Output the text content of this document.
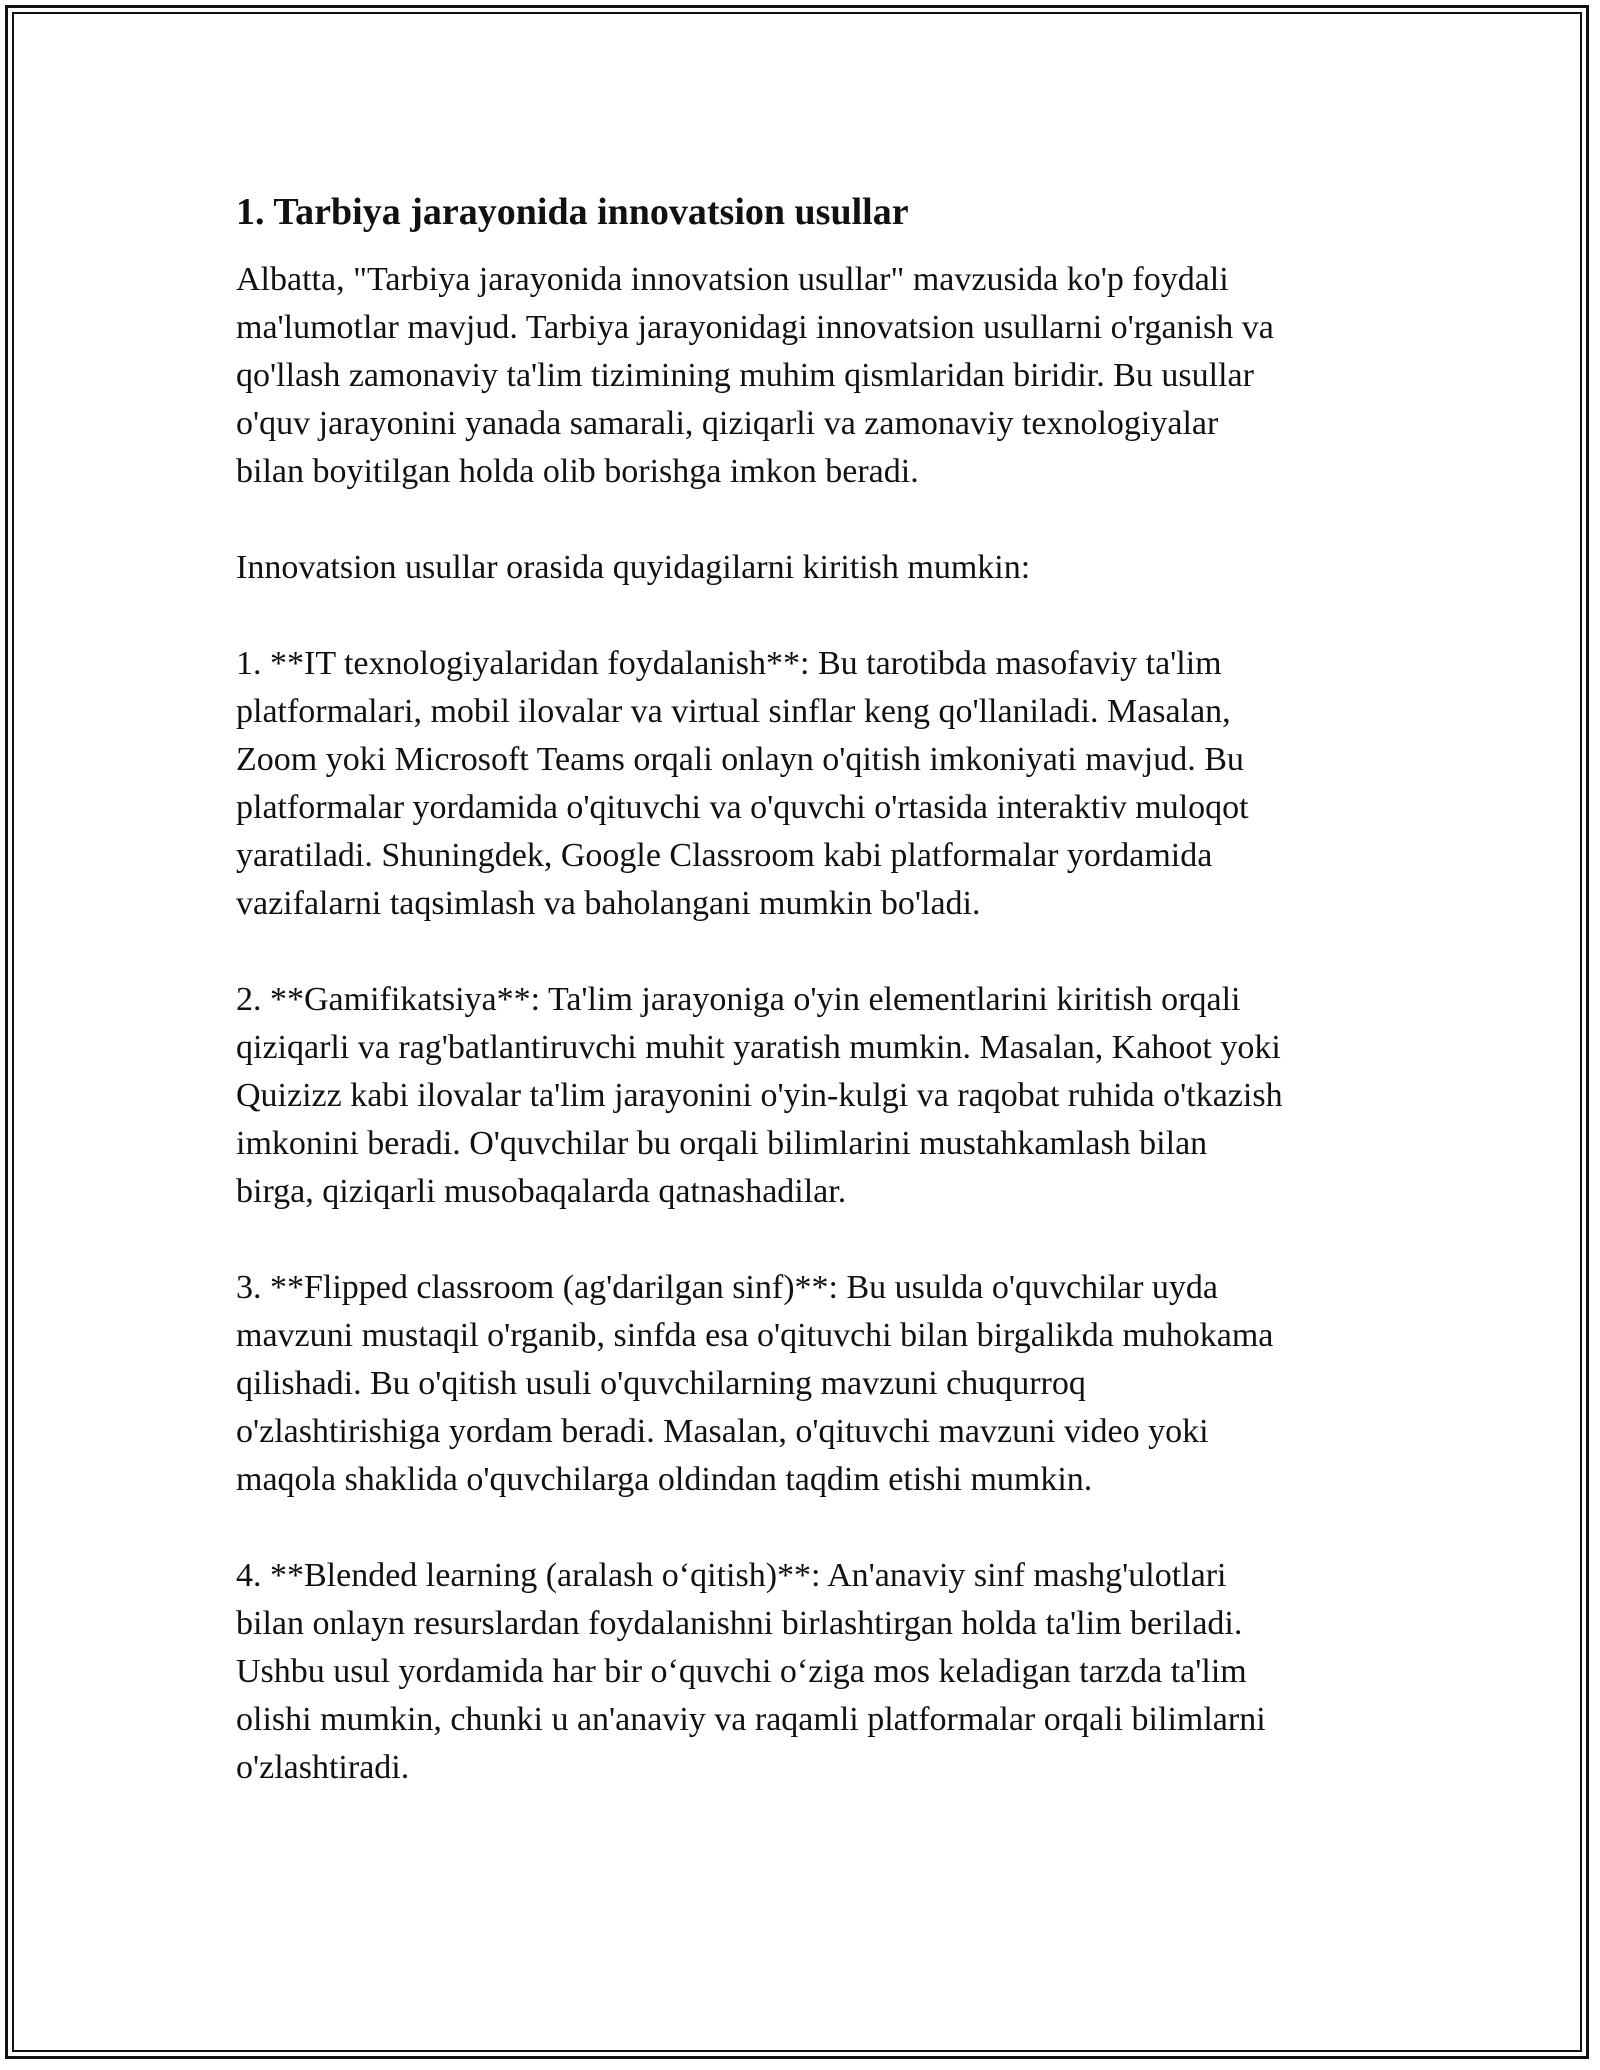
1. Tarbiya jarayonida innovatsion usullar

Albatta, "Tarbiya jarayonida innovatsion usullar" mavzusida ko'p foydali
ma'lumotlar mavjud. Tarbiya jarayonidagi innovatsion usullarni o'rganish va
qo'llash zamonaviy ta'lim tizimining muhim qismlaridan biridir. Bu usullar
o'quv jarayonini yanada samarali, qiziqarli va zamonaviy texnologiyalar
bilan boyitilgan holda olib borishga imkon beradi.

Innovatsion usullar orasida quyidagilarni kiritish mumkin:

1. **IT texnologiyalaridan foydalanish**: Bu tarotibda masofaviy ta'lim
platformalari, mobil ilovalar va virtual sinflar keng qo'llaniladi. Masalan,
Zoom yoki Microsoft Teams orqali onlayn o'qitish imkoniyati mavjud. Bu
platformalar yordamida o'qituvchi va o'quvchi o'rtasida interaktiv muloqot
yaratiladi. Shuningdek, Google Classroom kabi platformalar yordamida
vazifalarni taqsimlash va baholangani mumkin bo'ladi.

2. **Gamifikatsiya**: Ta'lim jarayoniga o'yin elementlarini kiritish orqali
qiziqarli va rag'batlantiruvchi muhit yaratish mumkin. Masalan, Kahoot yoki
Quizizz kabi ilovalar ta'lim jarayonini o'yin-kulgi va raqobat ruhida o'tkazish
imkonini beradi. O'quvchilar bu orqali bilimlarini mustahkamlash bilan
birga, qiziqarli musobaqalarda qatnashadilar.

3. **Flipped classroom (ag'darilgan sinf)**: Bu usulda o'quvchilar uyda
mavzuni mustaqil o'rganib, sinfda esa o'qituvchi bilan birgalikda muhokama
qilishadi. Bu o'qitish usuli o'quvchilarning mavzuni chuqurroq
o'zlashtirishiga yordam beradi. Masalan, o'qituvchi mavzuni video yoki
maqola shaklida o'quvchilarga oldindan taqdim etishi mumkin.

4. **Blended learning (aralash o‘qitish)**: An'anaviy sinf mashg'ulotlari
bilan onlayn resurslardan foydalanishni birlashtirgan holda ta'lim beriladi.
Ushbu usul yordamida har bir o‘quvchi o‘ziga mos keladigan tarzda ta'lim
olishi mumkin, chunki u an'anaviy va raqamli platformalar orqali bilimlarni
o'zlashtiradi.
